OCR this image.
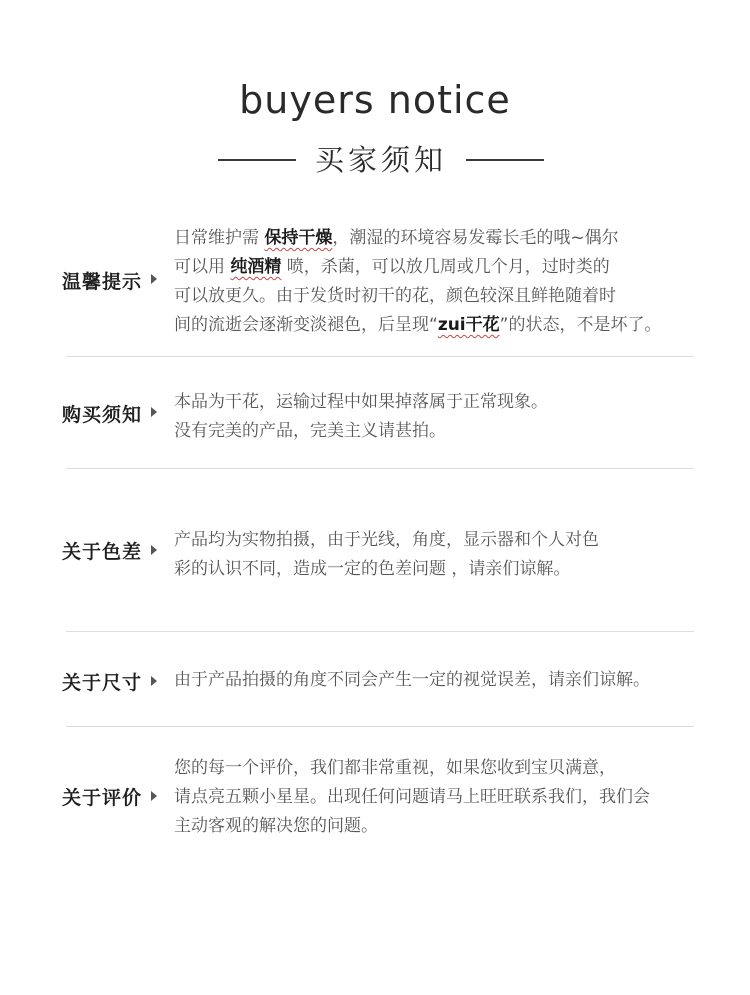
buyers notice
买家须知
温馨提示
日常维护需 保持干燥，潮湿的环境容易发霉长毛的哦~偶尔
可以用 纯酒精 喷，杀菌，可以放几周或几个月，过时类的
可以放更久。由于发货时初干的花，颜色较深且鲜艳随着时
间的流逝会逐渐变淡褪色，后呈现“zui干花”的状态，不是坏了。
购买须知
本品为干花，运输过程中如果掉落属于正常现象。
没有完美的产品，完美主义请甚拍。
关于色差
产品均为实物拍摄，由于光线，角度，显示器和个人对色
彩的认识不同，造成一定的色差问题 ，请亲们谅解。
关于尺寸 由于产品拍摄的角度不同会产生一定的视觉误差，请亲们谅解。
关于评价
您的每一个评价，我们都非常重视，如果您收到宝贝满意，
请点亮五颗小星星。出现任何问题请马上旺旺联系我们，我们会
主动客观的解决您的问题。
